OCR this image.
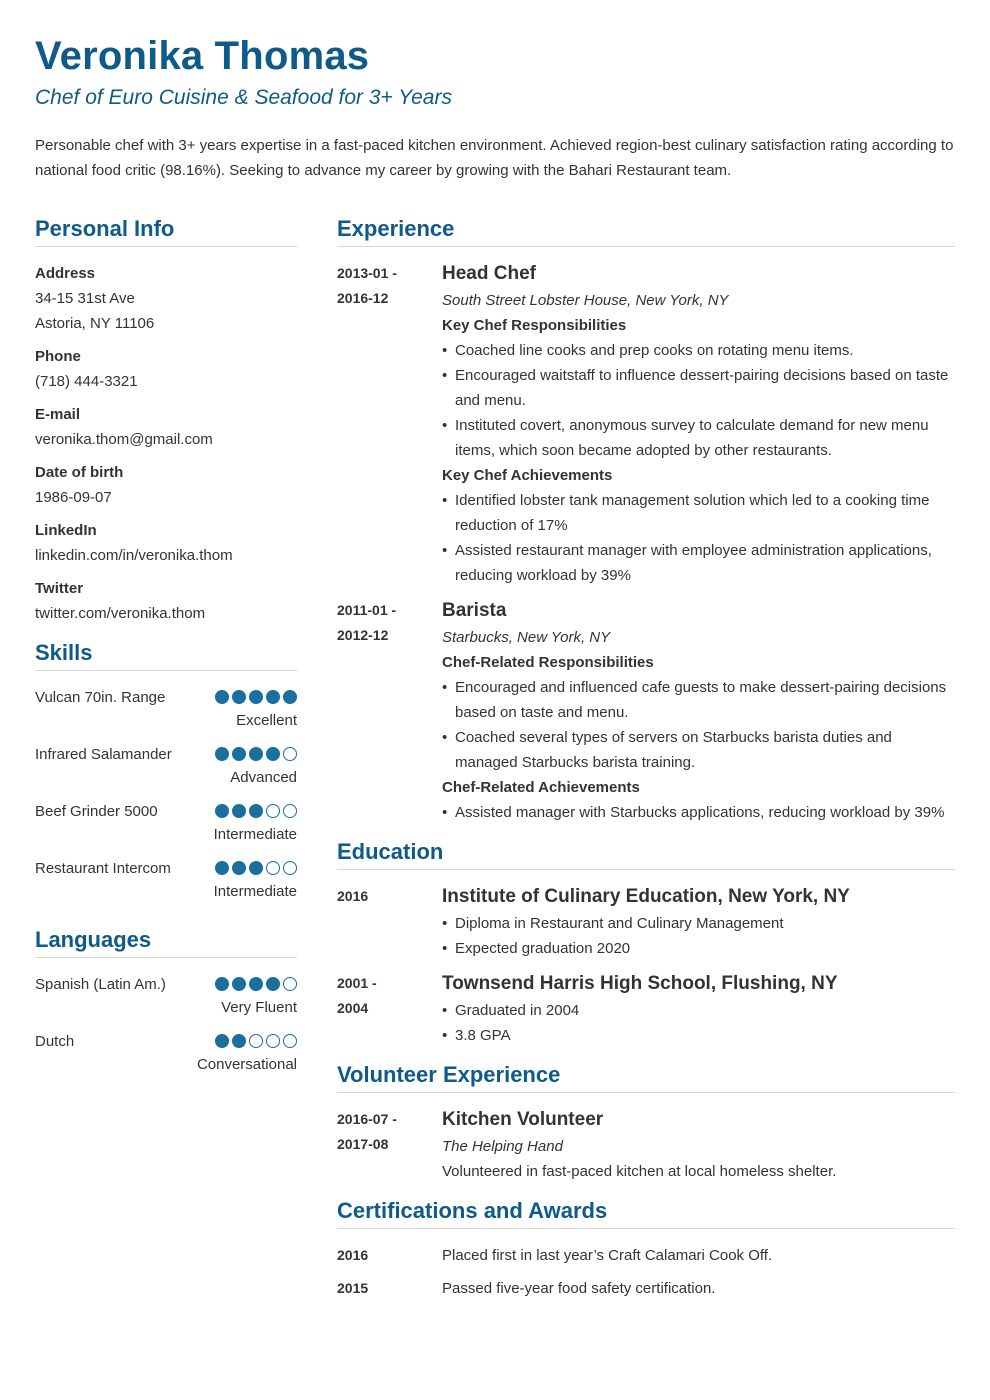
Veronika Thomas
Chef of Euro Cuisine & Seafood for 3+ Years
Personable chef with 3+ years expertise in a fast-paced kitchen environment. Achieved region-best culinary satisfaction rating according to national food critic (98.16%). Seeking to advance my career by growing with the Bahari Restaurant team.
Personal Info
Address
34-15 31st Ave
Astoria, NY 11106
Phone
(718) 444-3321
E-mail
veronika.thom@gmail.com
Date of birth
1986-09-07
LinkedIn
linkedin.com/in/veronika.thom
Twitter
twitter.com/veronika.thom
Skills
Vulcan 70in. Range
Excellent
Infrared Salamander
Advanced
Beef Grinder 5000
Intermediate
Restaurant Intercom
Intermediate
Languages
Spanish (Latin Am.)
Very Fluent
Dutch
Conversational
Experience
2013-01 -
2016-12
Head Chef
South Street Lobster House, New York, NY
Key Chef Responsibilities
• Coached line cooks and prep cooks on rotating menu items.
• Encouraged waitstaff to influence dessert-pairing decisions based on taste and menu.
• Instituted covert, anonymous survey to calculate demand for new menu items, which soon became adopted by other restaurants.
Key Chef Achievements
• Identified lobster tank management solution which led to a cooking time reduction of 17%
• Assisted restaurant manager with employee administration applications, reducing workload by 39%
2011-01 -
2012-12
Barista
Starbucks, New York, NY
Chef-Related Responsibilities
• Encouraged and influenced cafe guests to make dessert-pairing decisions based on taste and menu.
• Coached several types of servers on Starbucks barista duties and managed Starbucks barista training.
Chef-Related Achievements
• Assisted manager with Starbucks applications, reducing workload by 39%
Education
2016	Institute of Culinary Education, New York, NY
• Diploma in Restaurant and Culinary Management
• Expected graduation 2020
2001 -
2004
Townsend Harris High School, Flushing, NY
• Graduated in 2004
• 3.8 GPA
Volunteer Experience
2016-07 -
2017-08
Kitchen Volunteer
The Helping Hand
Volunteered in fast-paced kitchen at local homeless shelter.
Certifications and Awards
2016	Placed first in last year’s Craft Calamari Cook Off.
2015	Passed five-year food safety certification.
